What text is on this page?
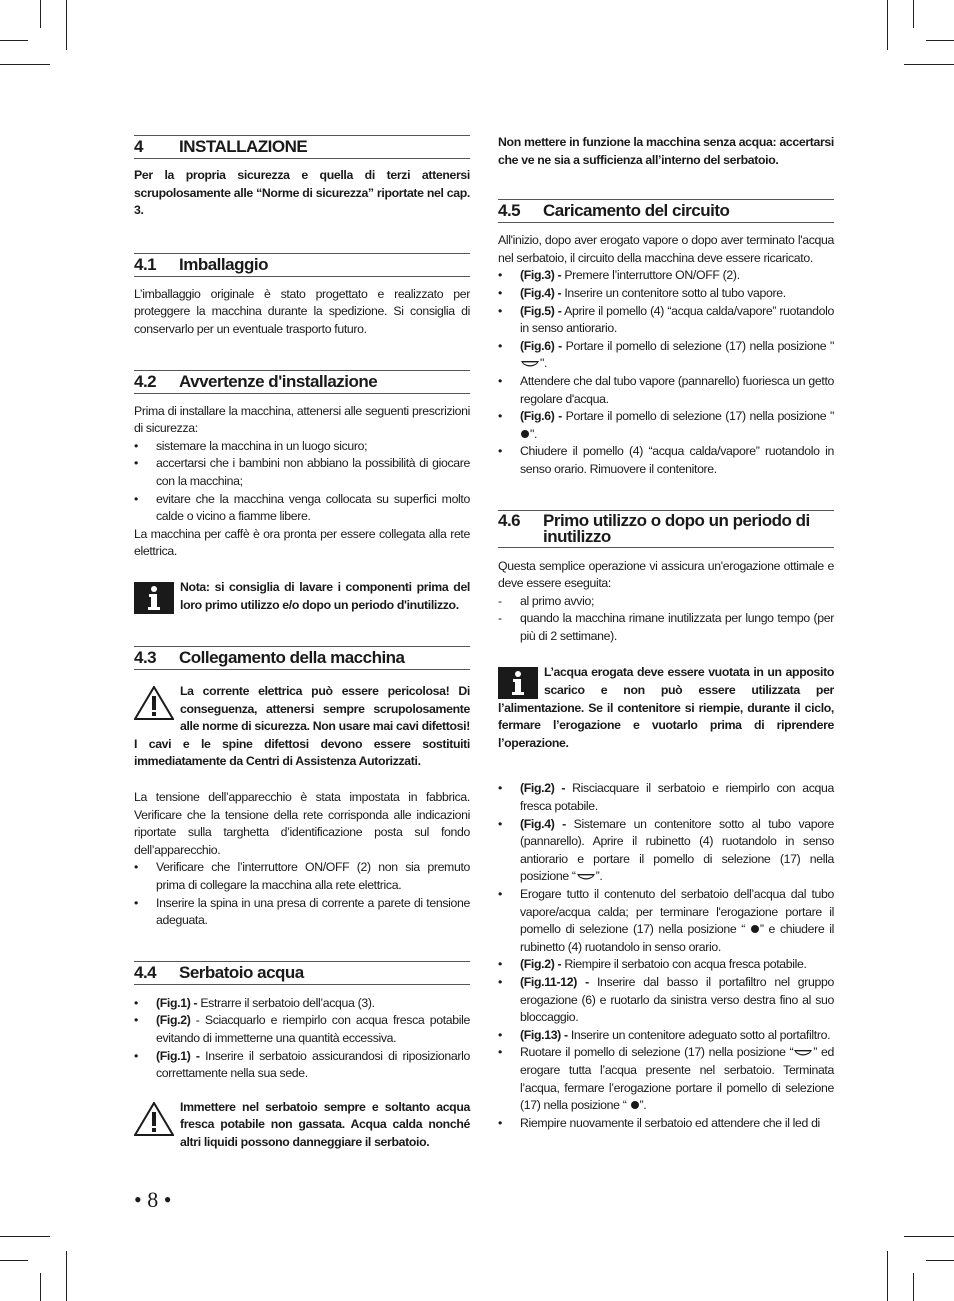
4	INSTALLAZIONE

Per la propria sicurezza e quella di terzi attenersi scrupolosamente alle “Norme di sicurezza” riportate nel cap. 3.

4.1	Imballaggio

L’imballaggio originale è stato progettato e realizzato per proteggere la macchina durante la spedizione. Si consiglia di conservarlo per un eventuale trasporto futuro.

4.2	Avvertenze d'installazione

Prima di installare la macchina, attenersi alle seguenti prescrizioni di sicurezza:

• sistemare la macchina in un luogo sicuro;
• accertarsi che i bambini non abbiano la possibilità di giocare con la macchina;
• evitare che la macchina venga collocata su superfici molto calde o vicino a fiamme libere.

La macchina per caffè è ora pronta per essere collegata alla rete elettrica.

Nota: si consiglia di lavare i componenti prima del loro primo utilizzo e/o dopo un periodo d'inutilizzo.

4.3	Collegamento della macchina

La corrente elettrica può essere pericolosa! Di conseguenza, attenersi sempre scrupolosamente alle norme di sicurezza. Non usare mai cavi difettosi! I cavi e le spine difettosi devono essere sostituiti immediatamente da Centri di Assistenza Autorizzati.

La tensione dell’apparecchio è stata impostata in fabbrica. Verificare che la tensione della rete corrisponda alle indicazioni riportate sulla targhetta d’identificazione posta sul fondo dell’apparecchio.

• Verificare che l’interruttore ON/OFF (2) non sia premuto prima di collegare la macchina alla rete elettrica.
• Inserire la spina in una presa di corrente a parete di tensione adeguata.
4.4	Serbatoio acqua
• (Fig.1) - Estrarre il serbatoio dell’acqua (3).
• (Fig.2) - Sciacquarlo e riempirlo con acqua fresca potabile evitando di immetterne una quantità eccessiva.
• (Fig.1) - Inserire il serbatoio assicurandosi di riposizionarlo correttamente nella sua sede.

Immettere nel serbatoio sempre e soltanto acqua fresca potabile non gassata. Acqua calda nonché altri liquidi possono danneggiare il serbatoio.

Non mettere in funzione la macchina senza acqua: accertarsi che ve ne sia a sufficienza all’interno del serbatoio.

4.5	Caricamento del circuito

All'inizio, dopo aver erogato vapore o dopo aver terminato l'acqua nel serbatoio, il circuito della macchina deve essere ricaricato.

• (Fig.3) - Premere l’interruttore ON/OFF (2).
• (Fig.4) - Inserire un contenitore sotto al tubo vapore.
• (Fig.5) - Aprire il pomello (4) “acqua calda/vapore” ruotandolo in senso antiorario.
• (Fig.6) - Portare il pomello di selezione (17) nella posizione "".
• Attendere che dal tubo vapore (pannarello) fuoriesca un getto regolare d'acqua.
• (Fig.6) - Portare il pomello di selezione (17) nella posizione " ".
• Chiudere il pomello (4) “acqua calda/vapore” ruotandolo in senso orario. Rimuovere il contenitore.
4.6	Primo utilizzo o dopo un periodo di inutilizzo

Questa semplice operazione vi assicura un'erogazione ottimale e deve essere eseguita:

- al primo avvio;
- quando la macchina rimane inutilizzata per lungo tempo (per più di 2 settimane).

L’acqua erogata deve essere vuotata in un apposito scarico e non può essere utilizzata per l’alimentazione. Se il contenitore si riempie, durante il ciclo, fermare l’erogazione e vuotarlo prima di riprendere l’operazione.

• (Fig.2) - Risciacquare il serbatoio e riempirlo con acqua fresca potabile.
• (Fig.4) - Sistemare un contenitore sotto al tubo vapore (pannarello). Aprire il rubinetto (4) ruotandolo in senso antiorario e portare il pomello di selezione (17) nella posizione “ ”.
• Erogare tutto il contenuto del serbatoio dell’acqua dal tubo vapore/acqua calda; per terminare l'erogazione portare il pomello di selezione (17) nella posizione “ ” e chiudere il rubinetto (4) ruotandolo in senso orario.
• (Fig.2) - Riempire il serbatoio con acqua fresca potabile.
• (Fig.11-12) - Inserire dal basso il portafiltro nel gruppo erogazione (6) e ruotarlo da sinistra verso destra fino al suo bloccaggio.
• (Fig.13) - Inserire un contenitore adeguato sotto al portafiltro.
• Ruotare il pomello di selezione (17) nella posizione “ ” ed erogare tutta l’acqua presente nel serbatoio. Terminata l’acqua, fermare l’erogazione portare il pomello di selezione (17) nella posizione “ ”.
• Riempire nuovamente il serbatoio ed attendere che il led di
• 8 •
